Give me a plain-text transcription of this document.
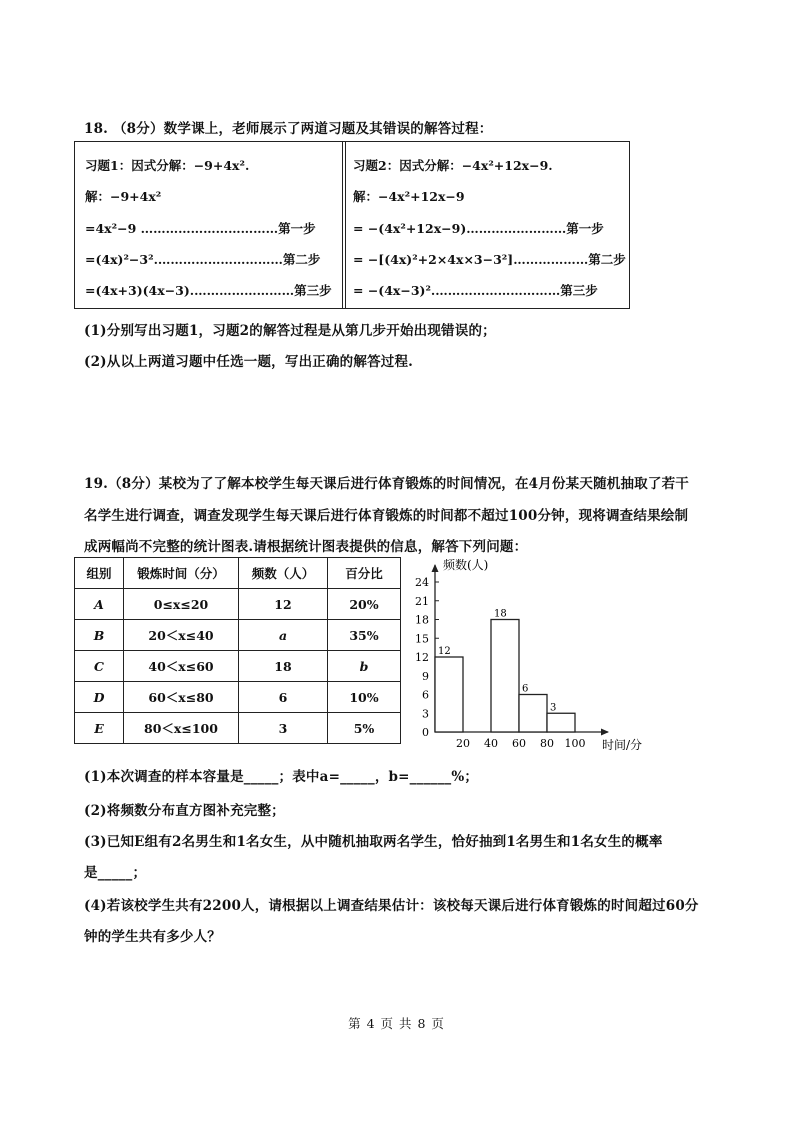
18. （8分）数学课上，老师展示了两道习题及其错误的解答过程：
习题1：因式分解：−9+4x².
解：−9+4x²
=4x²−9 ……………………………第一步
=(4x)²−3².…………………………第二步
=(4x+3)(4x−3).……………………第三步
习题2：因式分解：−4x²+12x−9.
解：−4x²+12x−9
= −(4x²+12x−9)……………………第一步
= −[(4x)²+2×4x×3−3²]………………第二步
= −(4x−3)².…………………………第三步
(1)分别写出习题1，习题2的解答过程是从第几步开始出现错误的；
(2)从以上两道习题中任选一题，写出正确的解答过程.
19.（8分）某校为了了解本校学生每天课后进行体育锻炼的时间情况，在4月份某天随机抽取了若干
名学生进行调查，调查发现学生每天课后进行体育锻炼的时间都不超过100分钟，现将调查结果绘制
成两幅尚不完整的统计图表.请根据统计图表提供的信息，解答下列问题：
组别	锻炼时间（分）	频数（人）	百分比
A	0≤x≤20	12	20%
B	20＜x≤40	a	35%
C	40＜x≤60	18	b
D	60＜x≤80	6	10%
E	80＜x≤100	3	5%	0
3
6
9
12
15
18
21
24
20 40 60 80 100
频数(人)
时间/分
12
18
6
3
(1)本次调查的样本容量是_____；表中a=_____，b=______%；
(2)将频数分布直方图补充完整；
(3)已知E组有2名男生和1名女生，从中随机抽取两名学生，恰好抽到1名男生和1名女生的概率
是_____；
(4)若该校学生共有2200人，请根据以上调查结果估计：该校每天课后进行体育锻炼的时间超过60分
钟的学生共有多少人？
第 4 页 共 8 页
